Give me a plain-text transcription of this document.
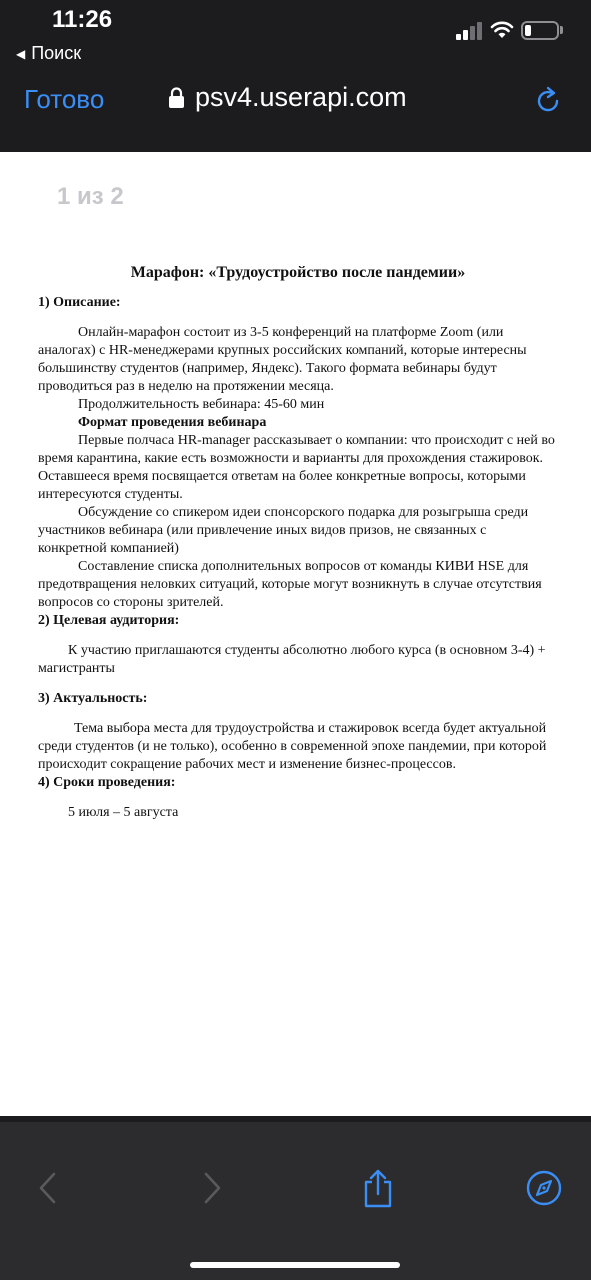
11:26
◀ Поиск
Готово	psv4.userapi.com
1 из 2
Марафон: «Трудоустройство после пандемии»
1) Описание:

Онлайн-марафон состоит из 3-5 конференций на платформе Zoom (или аналогах) с HR-менеджерами крупных российских компаний, которые интересны большинству студентов (например, Яндекс). Такого формата вебинары будут проводиться раз в неделю на протяжении месяца.

Продолжительность вебинара: 45-60 мин

Формат проведения вебинара

Первые полчаса HR-manager рассказывает о компании: что происходит с ней во время карантина, какие есть возможности и варианты для прохождения стажировок. Оставшееся время посвящается ответам на более конкретные вопросы, которыми интересуются студенты.

Обсуждение со спикером идеи спонсорского подарка для розыгрыша среди участников вебинара (или привлечение иных видов призов, не связанных с конкретной компанией)

Составление списка дополнительных вопросов от команды КИВИ HSE для предотвращения неловких ситуаций, которые могут возникнуть в случае отсутствия вопросов со стороны зрителей.

2) Целевая аудитория:

К участию приглашаются студенты абсолютно любого курса (в основном 3-4) + магистранты

3) Актуальность:

Тема выбора места для трудоустройства и стажировок всегда будет актуальной среди студентов (и не только), особенно в современной эпохе пандемии, при которой происходит сокращение рабочих мест и изменение бизнес-процессов.

4) Сроки проведения:

5 июля – 5 августа
